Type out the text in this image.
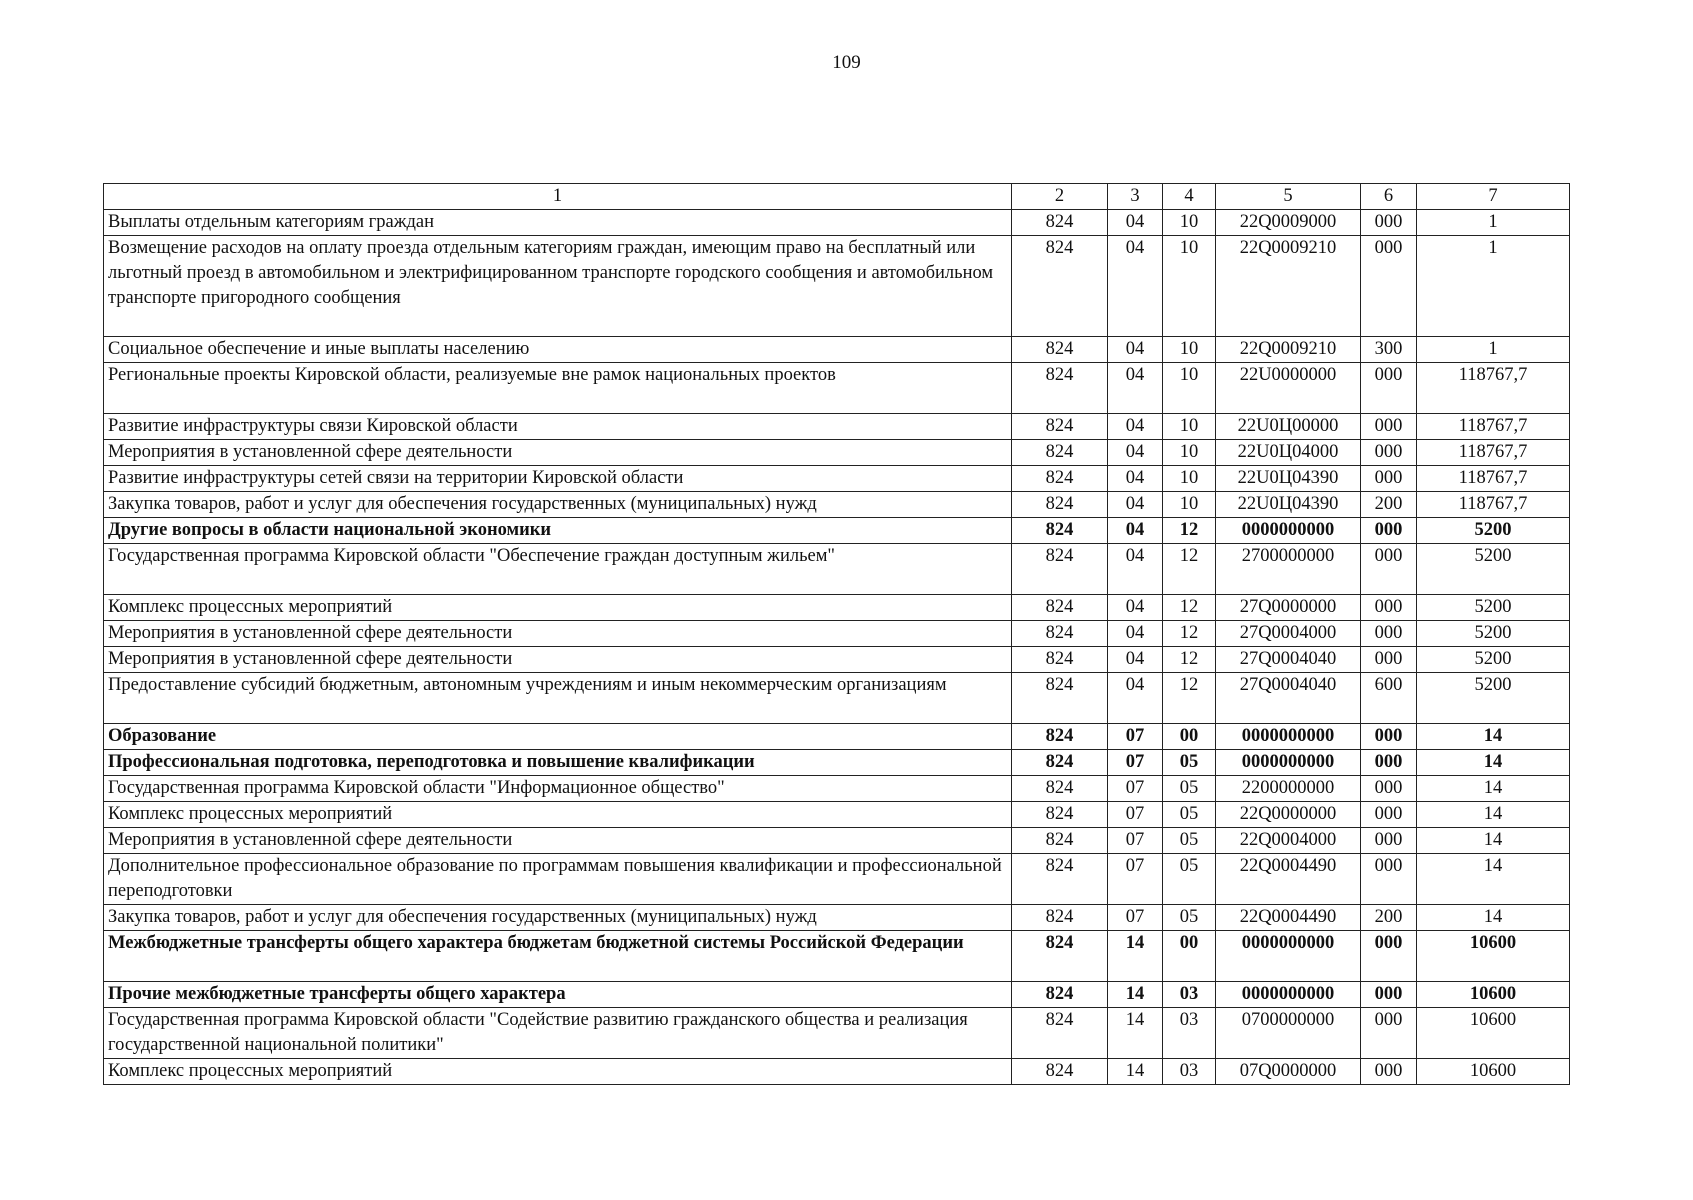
109
1	2	3	4	5	6	7
Выплаты отдельным категориям граждан	824	04	10	22Q0009000	000	1
Возмещение расходов на оплату проезда отдельным категориям граждан, имеющим право на бесплатный или льготный проезд в автомобильном и электрифицированном транспорте городского сообщения и автомобильном транспорте пригородного сообщения	824	04	10	22Q0009210	000	1
Социальное обеспечение и иные выплаты населению	824	04	10	22Q0009210	300	1
Региональные проекты Кировской области, реализуемые вне рамок национальных проектов	824	04	10	22U0000000	000	118767,7
Развитие инфраструктуры связи Кировской области	824	04	10	22U0Ц00000	000	118767,7
Мероприятия в установленной сфере деятельности	824	04	10	22U0Ц04000	000	118767,7
Развитие инфраструктуры сетей связи на территории Кировской области	824	04	10	22U0Ц04390	000	118767,7
Закупка товаров, работ и услуг для обеспечения государственных (муниципальных) нужд	824	04	10	22U0Ц04390	200	118767,7
Другие вопросы в области национальной экономики	824	04	12	0000000000	000	5200
Государственная программа Кировской области "Обеспечение граждан доступным жильем"	824	04	12	2700000000	000	5200
Комплекс процессных мероприятий	824	04	12	27Q0000000	000	5200
Мероприятия в установленной сфере деятельности	824	04	12	27Q0004000	000	5200
Мероприятия в установленной сфере деятельности	824	04	12	27Q0004040	000	5200
Предоставление субсидий бюджетным, автономным учреждениям и иным некоммерческим организациям	824	04	12	27Q0004040	600	5200
Образование	824	07	00	0000000000	000	14
Профессиональная подготовка, переподготовка и повышение квалификации	824	07	05	0000000000	000	14
Государственная программа Кировской области "Информационное общество"	824	07	05	2200000000	000	14
Комплекс процессных мероприятий	824	07	05	22Q0000000	000	14
Мероприятия в установленной сфере деятельности	824	07	05	22Q0004000	000	14
Дополнительное профессиональное образование по программам повышения квалификации и профессиональной переподготовки	824	07	05	22Q0004490	000	14
Закупка товаров, работ и услуг для обеспечения государственных (муниципальных) нужд	824	07	05	22Q0004490	200	14
Межбюджетные трансферты общего характера бюджетам бюджетной системы Российской Федерации	824	14	00	0000000000	000	10600
Прочие межбюджетные трансферты общего характера	824	14	03	0000000000	000	10600
Государственная программа Кировской области "Содействие развитию гражданского общества и реализация государственной национальной политики"	824	14	03	0700000000	000	10600
Комплекс процессных мероприятий	824	14	03	07Q0000000	000	10600
